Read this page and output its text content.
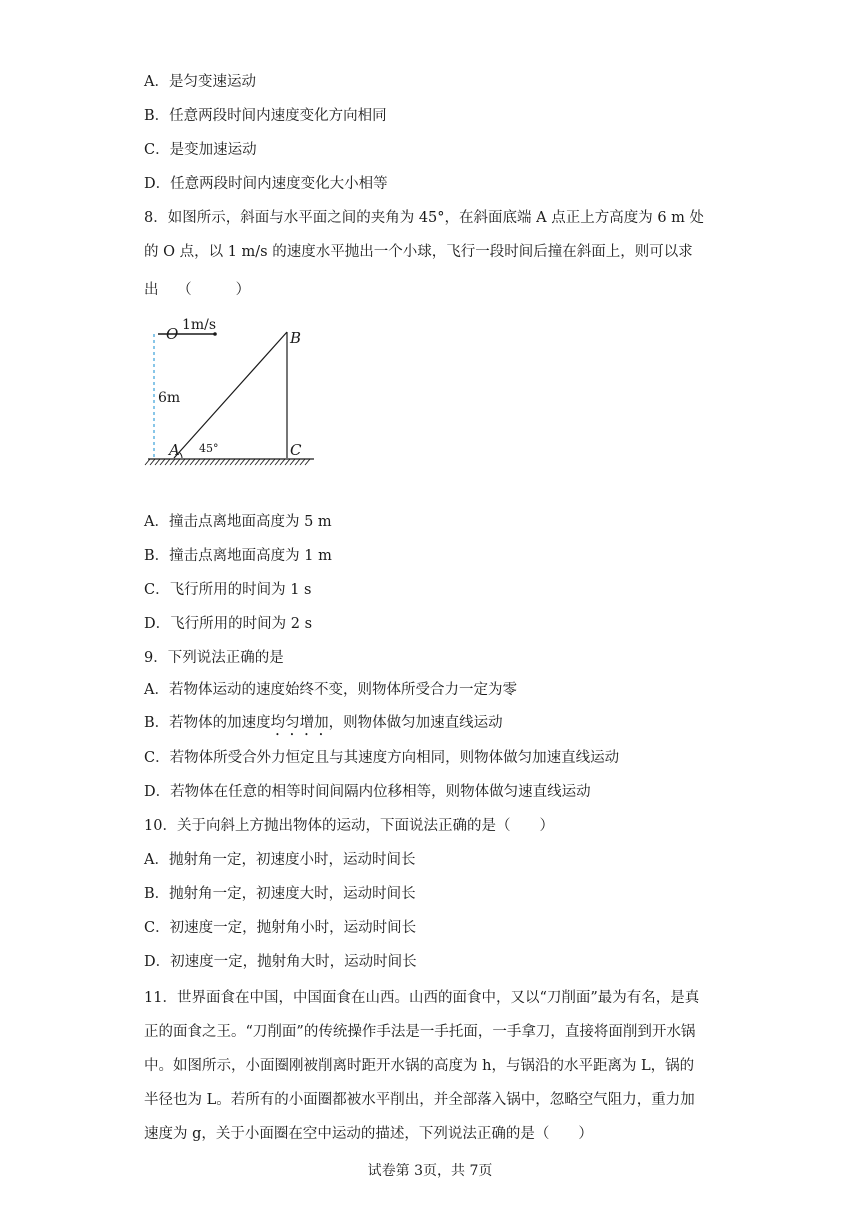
A．是匀变速运动
B．任意两段时间内速度变化方向相同
C．是变加速运动
D．任意两段时间内速度变化大小相等
8．如图所示，斜面与水平面之间的夹角为 45°，在斜面底端 A 点正上方高度为 6 m 处
的 O 点，以 1 m/s 的速度水平抛出一个小球，飞行一段时间后撞在斜面上，则可以求
出 （	）
O 1m/s
B
6m
A 45°	C
A．撞击点离地面高度为 5 m
B．撞击点离地面高度为 1 m
C．飞行所用的时间为 1 s
D．飞行所用的时间为 2 s
9．下列说法正确的是
A．若物体运动的速度始终不变，则物体所受合力一定为零
B．若物体的加速度均匀增加，则物体做匀加速直线运动
C．若物体所受合外力恒定且与其速度方向相同，则物体做匀加速直线运动
D．若物体在任意的相等时间间隔内位移相等，则物体做匀速直线运动
10．关于向斜上方抛出物体的运动，下面说法正确的是（　　）
A．抛射角一定，初速度小时，运动时间长
B．抛射角一定，初速度大时，运动时间长
C．初速度一定，抛射角小时，运动时间长
D．初速度一定，抛射角大时，运动时间长
11．世界面食在中国，中国面食在山西。山西的面食中，又以“刀削面”最为有名，是真
正的面食之王。“刀削面”的传统操作手法是一手托面，一手拿刀，直接将面削到开水锅
中。如图所示，小面圈刚被削离时距开水锅的高度为 h，与锅沿的水平距离为 L，锅的
半径也为 L。若所有的小面圈都被水平削出，并全部落入锅中，忽略空气阻力，重力加
速度为 g，关于小面圈在空中运动的描述，下列说法正确的是（　　）
试卷第 3页，共 7页
